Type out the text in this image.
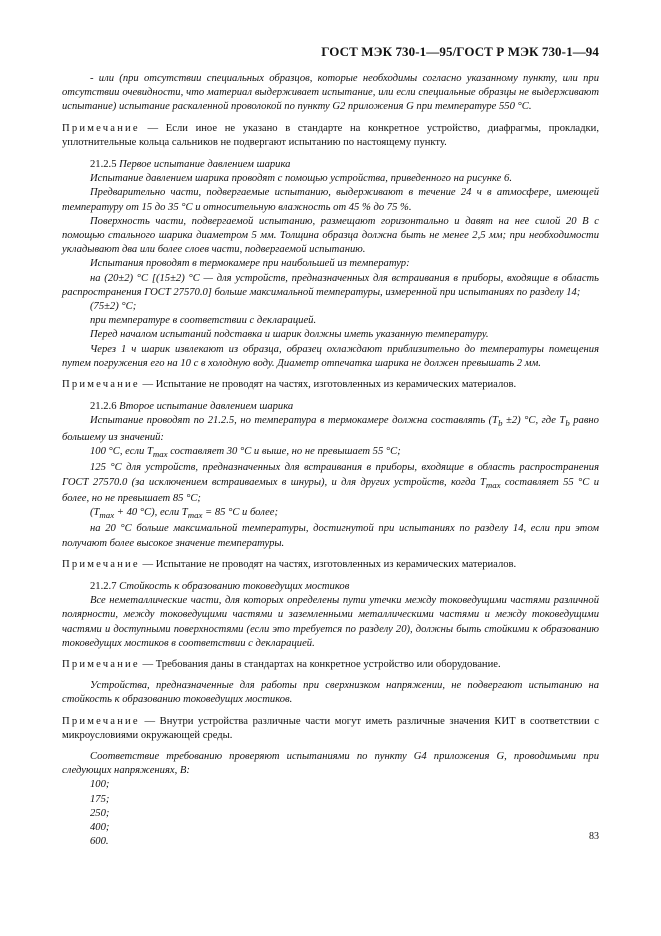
ГОСТ МЭК 730-1—95/ГОСТ Р МЭК 730-1—94

- или (при отсутствии специальных образцов, которые необходимы согласно указанному пункту, или при отсутствии очевидности, что материал выдерживает испытание, или если специальные образцы не выдерживают испытание) испытание раскаленной проволокой по пункту G2 приложения G при температуре 550 °С.

Примечание — Если иное не указано в стандарте на конкретное устройство, диафрагмы, прокладки, уплотнительные кольца сальников не подвергают испытанию по настоящему пункту.

21.2.5 Первое испытание давлением шарика

Испытание давлением шарика проводят с помощью устройства, приведенного на рисунке 6.

Предварительно части, подвергаемые испытанию, выдерживают в течение 24 ч в атмосфере, имеющей температуру от 15 до 35 °С и относительную влажность от 45 % до 75 %.

Поверхность части, подвергаемой испытанию, размещают горизонтально и давят на нее силой 20 В с помощью стального шарика диаметром 5 мм. Толщина образца должна быть не менее 2,5 мм; при необходимости укладывают два или более слоев части, подвергаемой испытанию.

Испытания проводят в термокамере при наибольшей из температур:

на (20±2) °С [(15±2) °С — для устройств, предназначенных для встраивания в приборы, входящие в область распространения ГОСТ 27570.0] больше максимальной температуры, измеренной при испытаниях по разделу 14;

(75±2) °С;

при температуре в соответствии с декларацией.

Перед началом испытаний подставка и шарик должны иметь указанную температуру.

Через 1 ч шарик извлекают из образца, образец охлаждают приблизительно до температуры помещения путем погружения его на 10 с в холодную воду. Диаметр отпечатка шарика не должен превышать 2 мм.

Примечание — Испытание не проводят на частях, изготовленных из керамических материалов.

21.2.6 Второе испытание давлением шарика

Испытание проводят по 21.2.5, но температура в термокамере должна составлять $(T_b \pm 2)$ °С, где $T_b$ равно большему из значений:

100 °С, если $T_{max}$ составляет 30 °С и выше, но не превышает 55 °С;

125 °С для устройств, предназначенных для встраивания в приборы, входящие в область распространения ГОСТ 27570.0 (за исключением встраиваемых в шнуры), и для других устройств, когда $T_{max}$ составляет 55 °С и более, но не превышает 85 °С;

($T_{max} + 40$ °С), если $T_{max} = 85$ °С и более;

на 20 °С больше максимальной температуры, достигнутой при испытаниях по разделу 14, если при этом получают более высокое значение температуры.

Примечание — Испытание не проводят на частях, изготовленных из керамических материалов.

21.2.7 Стойкость к образованию токоведущих мостиков

Все неметаллические части, для которых определены пути утечки между токоведущими частями различной полярности, между токоведущими частями и заземленными металлическими частями и между токоведущими частями и доступными поверхностями (если это требуется по разделу 20), должны быть стойкими к образованию токоведущих мостиков в соответствии с декларацией.

Примечание — Требования даны в стандартах на конкретное устройство или оборудование.

Устройства, предназначенные для работы при сверхнизком напряжении, не подвергают испытанию на стойкость к образованию токоведущих мостиков.

Примечание — Внутри устройства различные части могут иметь различные значения КИТ в соответствии с микроусловиями окружающей среды.

Соответствие требованию проверяют испытаниями по пункту G4 приложения G, проводимыми при следующих напряжениях, В:

100;

175;

250;

400;

600.	83
